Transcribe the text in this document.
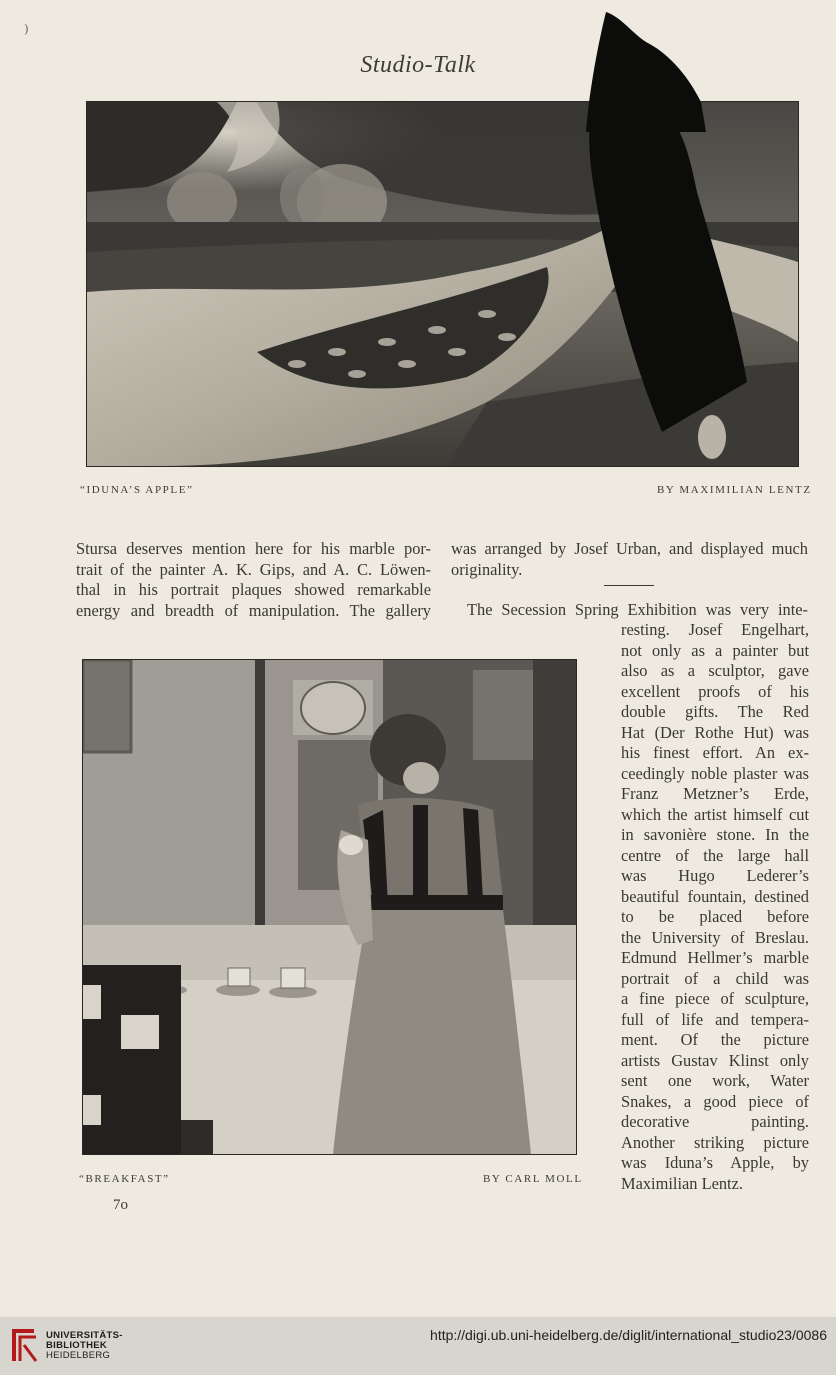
)
Studio-Talk
“IDUNA’S APPLE”	BY MAXIMILIAN LENTZ

Stursa deserves mention here for his marble por-

trait of the painter A. K. Gips, and A. C. Löwen-

thal in his portrait plaques showed remarkable

energy and breadth of manipulation. The gallery

was arranged by Josef Urban, and displayed much

originality.

The Secession Spring Exhibition was very inte-

“BREAKFAST”	BY CARL MOLL
7o

resting. Josef Engelhart,

not only as a painter but

also as a sculptor, gave

excellent proofs of his

double gifts. The Red

Hat (Der Rothe Hut) was

his finest effort. An ex-

ceedingly noble plaster was

Franz Metzner’s Erde,

which the artist himself cut

in savonière stone. In the

centre of the large hall

was Hugo Lederer’s

beautiful fountain, destined

to be placed before

the University of Breslau.

Edmund Hellmer’s marble

portrait of a child was

a fine piece of sculpture,

full of life and tempera-

ment. Of the picture

artists Gustav Klinst only

sent one work, Water

Snakes, a good piece of

decorative painting.

Another striking picture

was Iduna’s Apple, by

Maximilian Lentz.

UNIVERSITÄTS-
BIBLIOTHEK
HEIDELBERG
http://digi.ub.uni-heidelberg.de/diglit/international_studio23/0086
